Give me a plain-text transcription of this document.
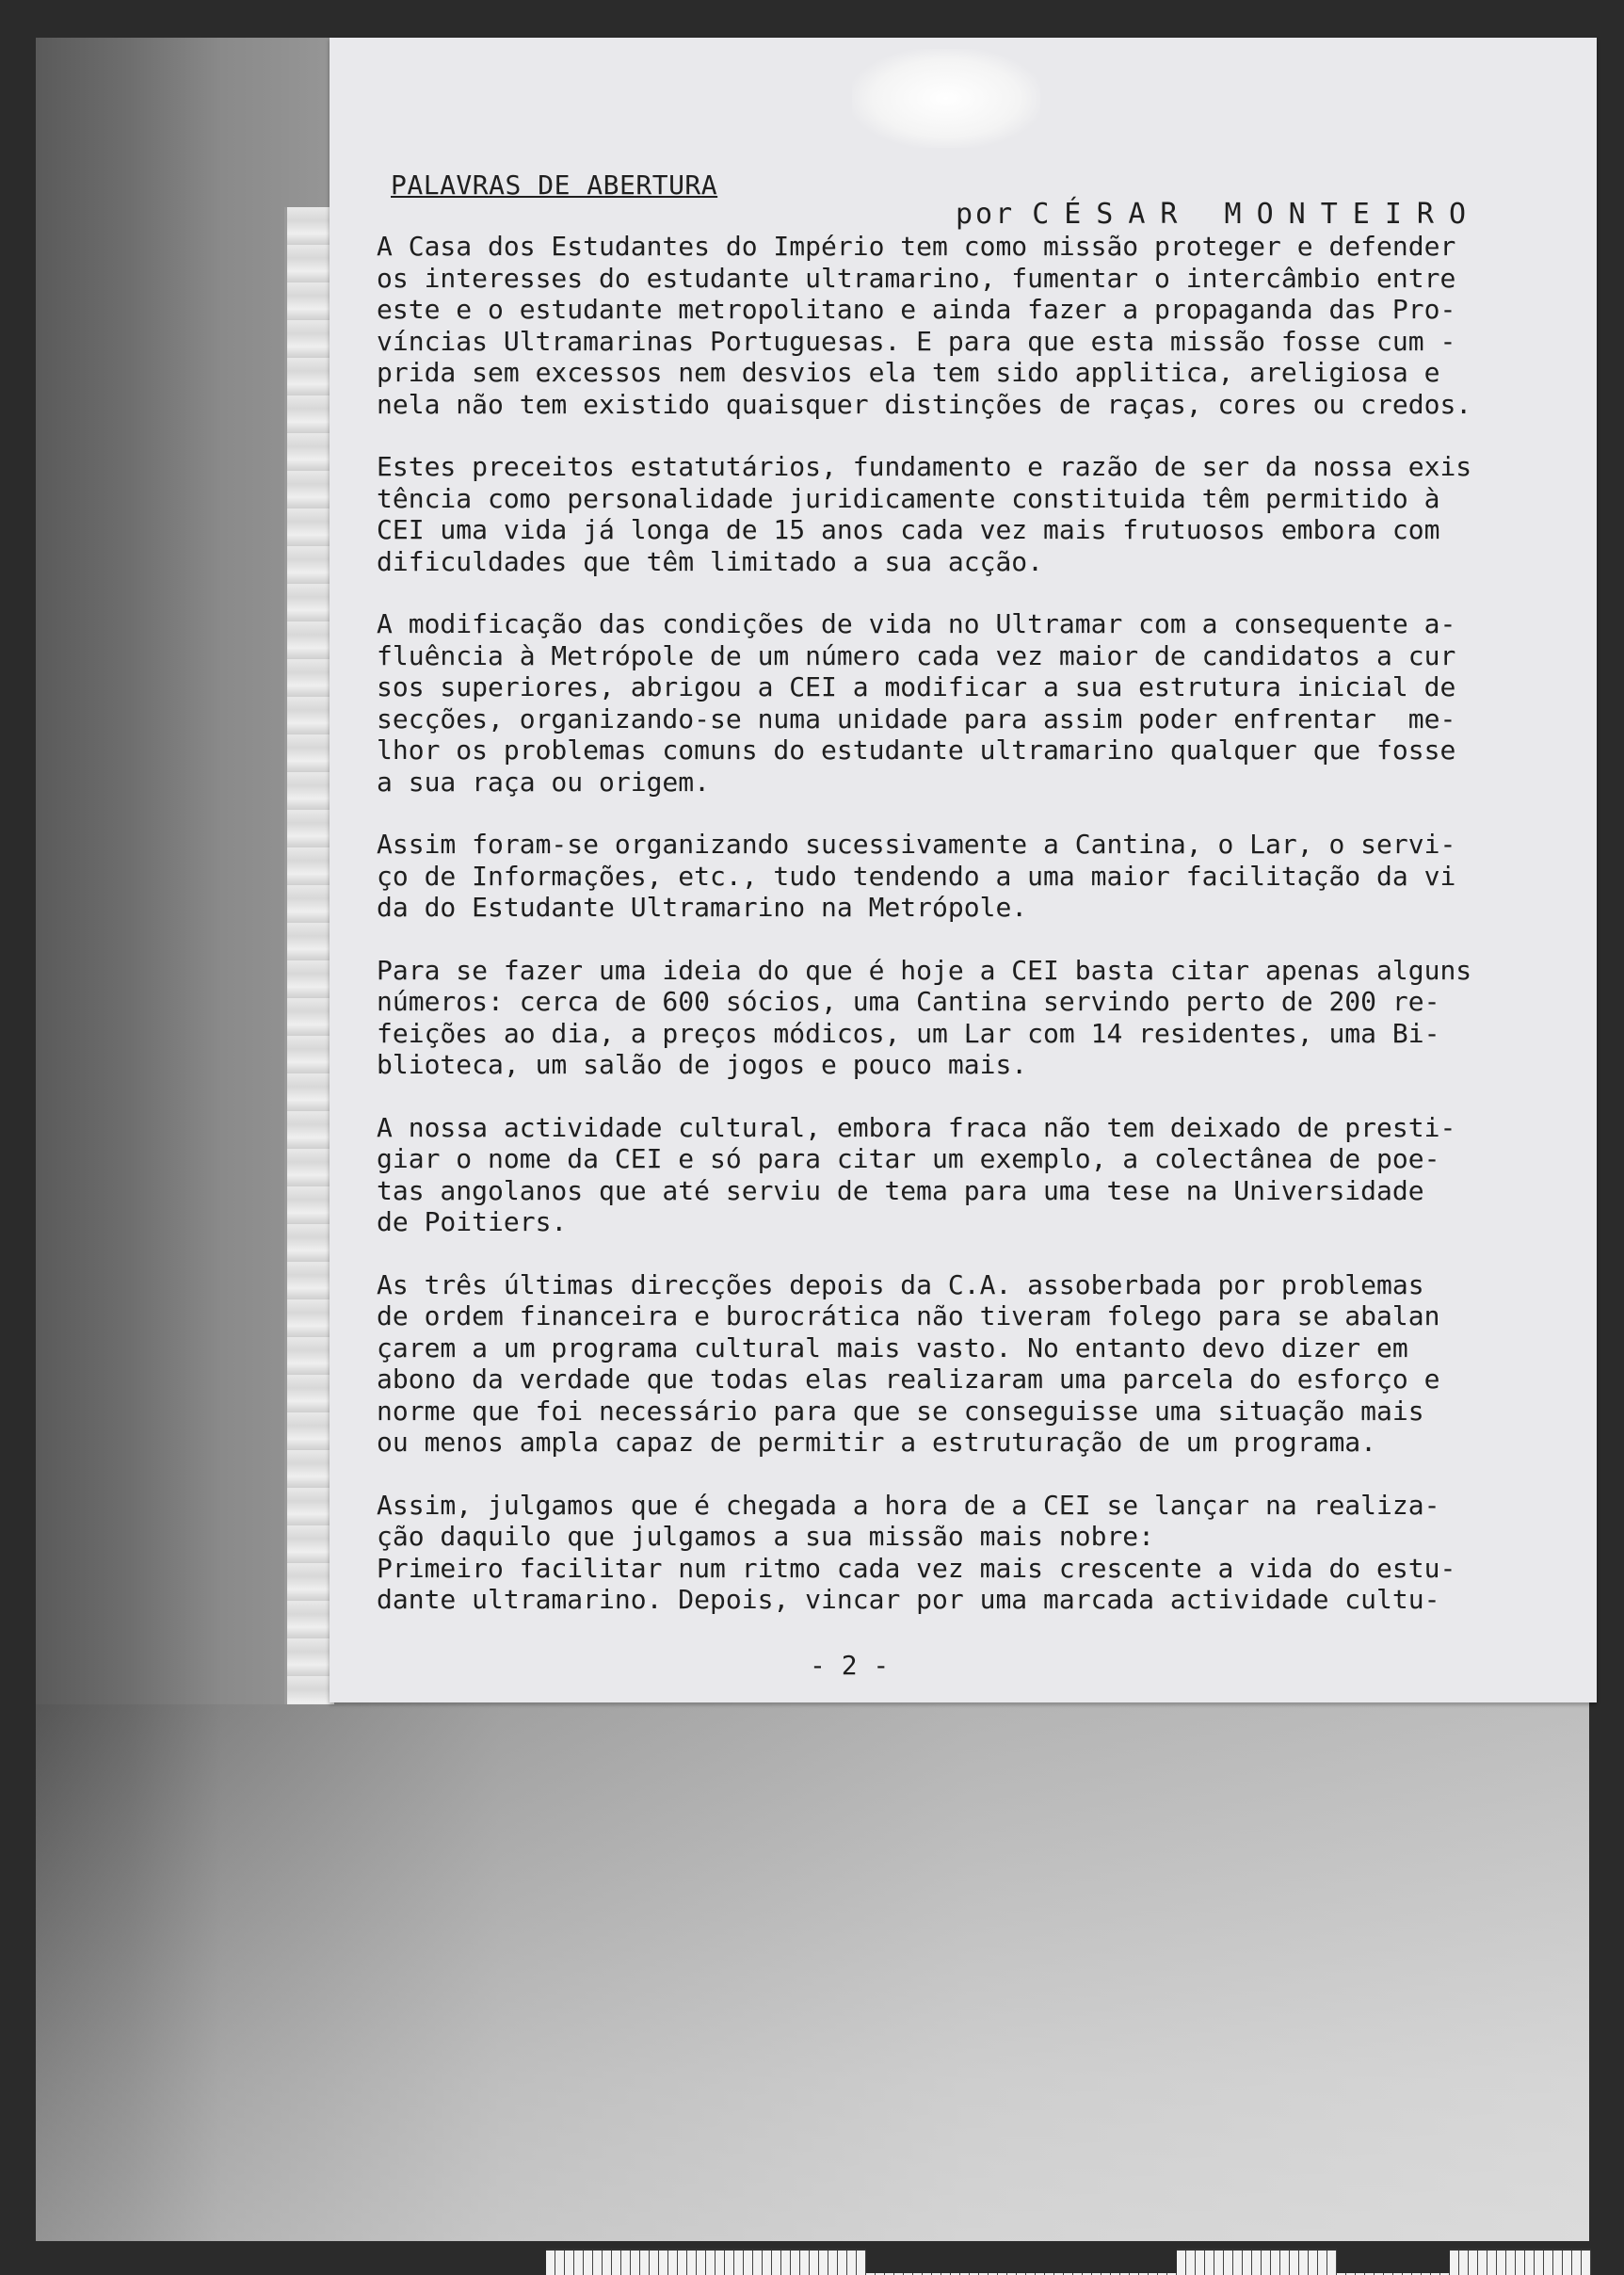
PALAVRAS DE ABERTURA
por CÉSAR MONTEIRO
A Casa dos Estudantes do Império tem como missão proteger e defender
os interesses do estudante ultramarino, fumentar o intercâmbio entre
este e o estudante metropolitano e ainda fazer a propaganda das Pro-
víncias Ultramarinas Portuguesas. E para que esta missão fosse cum -
prida sem excessos nem desvios ela tem sido applitica, areligiosa e
nela não tem existido quaisquer distinções de raças, cores ou credos.
Estes preceitos estatutários, fundamento e razão de ser da nossa exis
tência como personalidade juridicamente constituida têm permitido à
CEI uma vida já longa de 15 anos cada vez mais frutuosos embora com
dificuldades que têm limitado a sua acção.
A modificação das condições de vida no Ultramar com a consequente a-
fluência à Metrópole de um número cada vez maior de candidatos a cur
sos superiores, abrigou a CEI a modificar a sua estrutura inicial de
secções, organizando-se numa unidade para assim poder enfrentar  me-
lhor os problemas comuns do estudante ultramarino qualquer que fosse
a sua raça ou origem.
Assim foram-se organizando sucessivamente a Cantina, o Lar, o servi-
ço de Informações, etc., tudo tendendo a uma maior facilitação da vi
da do Estudante Ultramarino na Metrópole.
Para se fazer uma ideia do que é hoje a CEI basta citar apenas alguns
números: cerca de 600 sócios, uma Cantina servindo perto de 200 re-
feições ao dia, a preços módicos, um Lar com 14 residentes, uma Bi-
blioteca, um salão de jogos e pouco mais.
A nossa actividade cultural, embora fraca não tem deixado de presti-
giar o nome da CEI e só para citar um exemplo, a colectânea de poe-
tas angolanos que até serviu de tema para uma tese na Universidade
de Poitiers.
As três últimas direcções depois da C.A. assoberbada por problemas
de ordem financeira e burocrática não tiveram folego para se abalan
çarem a um programa cultural mais vasto. No entanto devo dizer em
abono da verdade que todas elas realizaram uma parcela do esforço e
norme que foi necessário para que se conseguisse uma situação mais
ou menos ampla capaz de permitir a estruturação de um programa.
Assim, julgamos que é chegada a hora de a CEI se lançar na realiza-
ção daquilo que julgamos a sua missão mais nobre:
Primeiro facilitar num ritmo cada vez mais crescente a vida do estu-
dante ultramarino. Depois, vincar por uma marcada actividade cultu-
- 2 -
